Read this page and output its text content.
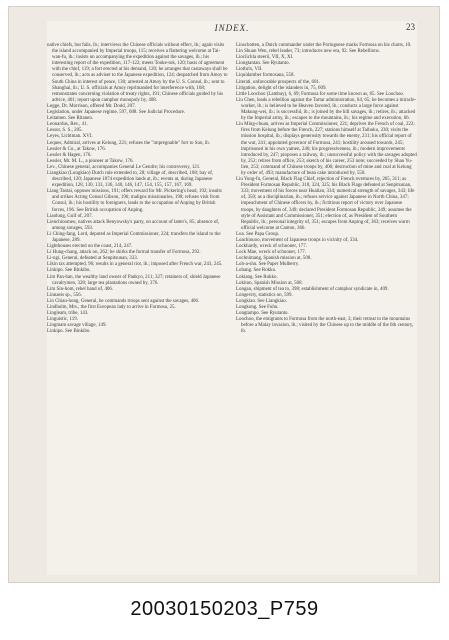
INDEX.	23

native chiefs, but fails, ib.; interviews the Chinese officials without effect, ib.; again visits the island accompanied by Imperial troops, 115; receives a flattering welcome at Tai-wan-fu, ib.; insists on accompanying the expedition against the savages, ib.; his interesting report of the expedition, 117-122; meets Tooke-tok, 120; basis of agreement with the chief, 119; a fort erected at his demand, 120; he arranges that castaways shall be conserved, ib.; acts as adviser to the Japanese expedition, 124; despatched from Amoy to South China in interest of peace, 130; arrested at Amoy by the U. S. Consul, ib.; sent to Shanghai, ib.; U. S. officials at Amoy reprimanded for interference with, 168; remonstrates concerning violation of treaty rights, 191; Chinese officials guided by his advice, 401; report upon camphor monopoly by, 408.

Legge, Dr. Morrison, offered Mr. Dodd, 207.

Legislation, under Japanese regime, 597, 608. See Judicial Procedure.

Leitamen. See Ritanen.

Leonardus, Rev., 41.

Lessor, S. S., 205.

Leyes, Lichtman. XVI.

Leques, Admiral, arrives at Kelung, 221; refuses the "impregnable" fort to Sun, ib.

Lessler & Co., at Takow, 176.

Lessler & Hagen, 176.

Lessler, Mr. M. L., a pioneer at Takow, 176.

Lev., Chinese general, accompanies General Le Gendre; his controversy, 121.

Liangkiao (Longkiao) Dutch rule extended to, 28; village of, described, 108; bay of, described, 120; Japanese 1874 expedition lands at, ib.; events at, during Japanese expedition, 128, 130, 133, 136, 140, 146, 147, 154, 155, 157, 167, 169.

Liang Taotai, opposes missions, 191; offers reward for Mr. Pickering's head, 192; insults and strikes Acting Consul Gibson, 196; maligns missionaries, 198; refuses visit from Consul, ib.; his hostility to foreigners, leads to the occupation of Anping by British forces, 196. See British occupation of Anping.

Liaolung, Gulf of, 207.

Lienchioomeo, natives attack Benyowsky's party, on account of latter's, 85; absence of, among savages, 593.

Li Ching-fang, Lord, deputed as Imperial Commissioner, 224; transfers the island to the Japanese, 289.

Lighthouses erected on the coast, 214, 247.

Li Hung-chang, attack on, 262; he shirks the formal transfer of Formosa, 292.

Li-ngi, General, defeated at Senpitsunan, 333.

Likin tax attempted, 96; results in a general riot, ib.; imposed after French war, 243, 245.

Linkipo. See Binkibo.

Lim Pan-ban, the wealthy land owner of Pankyo, 211; 327; retainers of, shield Japanese cavalrymen, 328; large tea plantations owned by, 376.

Lim Sin-hom, rebel band of, 406.

Linnaeis sp., 556.

Lin Chiau-hong, General, he commands troops sent against the savages, 406.

Lindholm, Mrs., the first European lady to arrive in Formosa, 25.

Lingleam, tribe, 143.

Linguistic, 119.

Lingmam savage village, 149.

Linkipo. See Binkibo.

Linschotten, a Dutch commander under the Portuguese marks Formosa on his charts, 10.

Lin Shuan Wen, rebel leader, 73; introduces new era, 92. See Rebellions.

Liociichla steerii, VII, X, XI.

Liongtantan. See Ryutanto.

Liothrix, VII.

Liquidamber formosana, 558.

Literati, unfavorable prospects of the, 601.

Litigation, delight of the islanders in, 75, 609.

Little Loochoo (Lambay), 6, 69; Formosa for some time known as, 85. See Loochoo.

Liu Chen, leads a rebellion against the Tartar administration, 64, 65; he becomes a miracle-worker, ib.; is believed to be Heaven favored, ib.; conducts a large force against Makung-wei, ib.; is successful, ib.; is joined by the hill savages, ib.; retires, ib.; attacked by the Imperial army, ib.; escapes to the mountains, ib.; his regime and execution, 66.

Liu Ming-chuan, arrives as Imperial Commissioner, 221; deprives the French of coal, 222; fires from Kelung before the French, 227; stations himself at Taihoku, 230; visits the mission hospital, ib.; displays generosity towards the enemy, 231; his official report of the war, 241; appointed governor of Formosa, 241; hostility aroused towards, 245; imprisoned in his own yamen, 246; his progressiveness, ib.; modern improvements introduced by, 247; proposes a railway, ib.; unsuccessful policy with the savages adopted by, 252; retires from office, 253; sketch of his career, 253 note; succeeded by Shao Yu-lien, 253; command of Chinese troops by, 406; destruction of mine and coal at Kelung by order of, 493; manufacture of bean cake introduced by, 550.

Liu Yung-fu, General, Black Flag Chief, rejection of French overtures by, 265, 311; as President Formosan Republic, 318, 324, 325; his Black Flags defeated at Senpitsunan, 333; movement of his forces near Hualian, 334; numerical strength of savages, 343; life of, 350; as a disciplinarian, ib.; refuses service against Japanese in North China, 347; impeachment of Chinese officers by, ib.; fictitious report of victory over Japanese troops, by daughters of, 349; declared President Formosan Republic, 349; assumes the style of Assistant and Commissioner, 351; election of, as President of Southern Republic, ib.; personal integrity of, 351; escapes from Anping of, 363; receives warm official welcome at Canton, 366.

Loa. See Papa Group.

Loachiouoo, movement of Japanese troops in vicinity of, 334.

Lockhardy, wreck of schooner, 177.

Lock Mae, wreck of schooner, 177.

Lochnimang, Spanish mission at, 508.

Loh-a-shu. See Paper Mulberry.

Lohang. See Rokko.

Lokiang. See Rokko.

Lokiton, Spanish Mission at, 508.

Longan, shipment of tea to, 398; establishment of camphor syndicate in, 409.

Longevity, statistics on, 599.

Longkiao. See Liangkiao.

Longkong. See Fuhu.

Longtampo. See Ryutanto.

Loochoo, the emigrants to Formosa from the north-east, 3; their retreat to the mountains before a Malay invasion, ib.; visited by the Chinese up to the middle of the 6th century, ib.

20030150203_P759
